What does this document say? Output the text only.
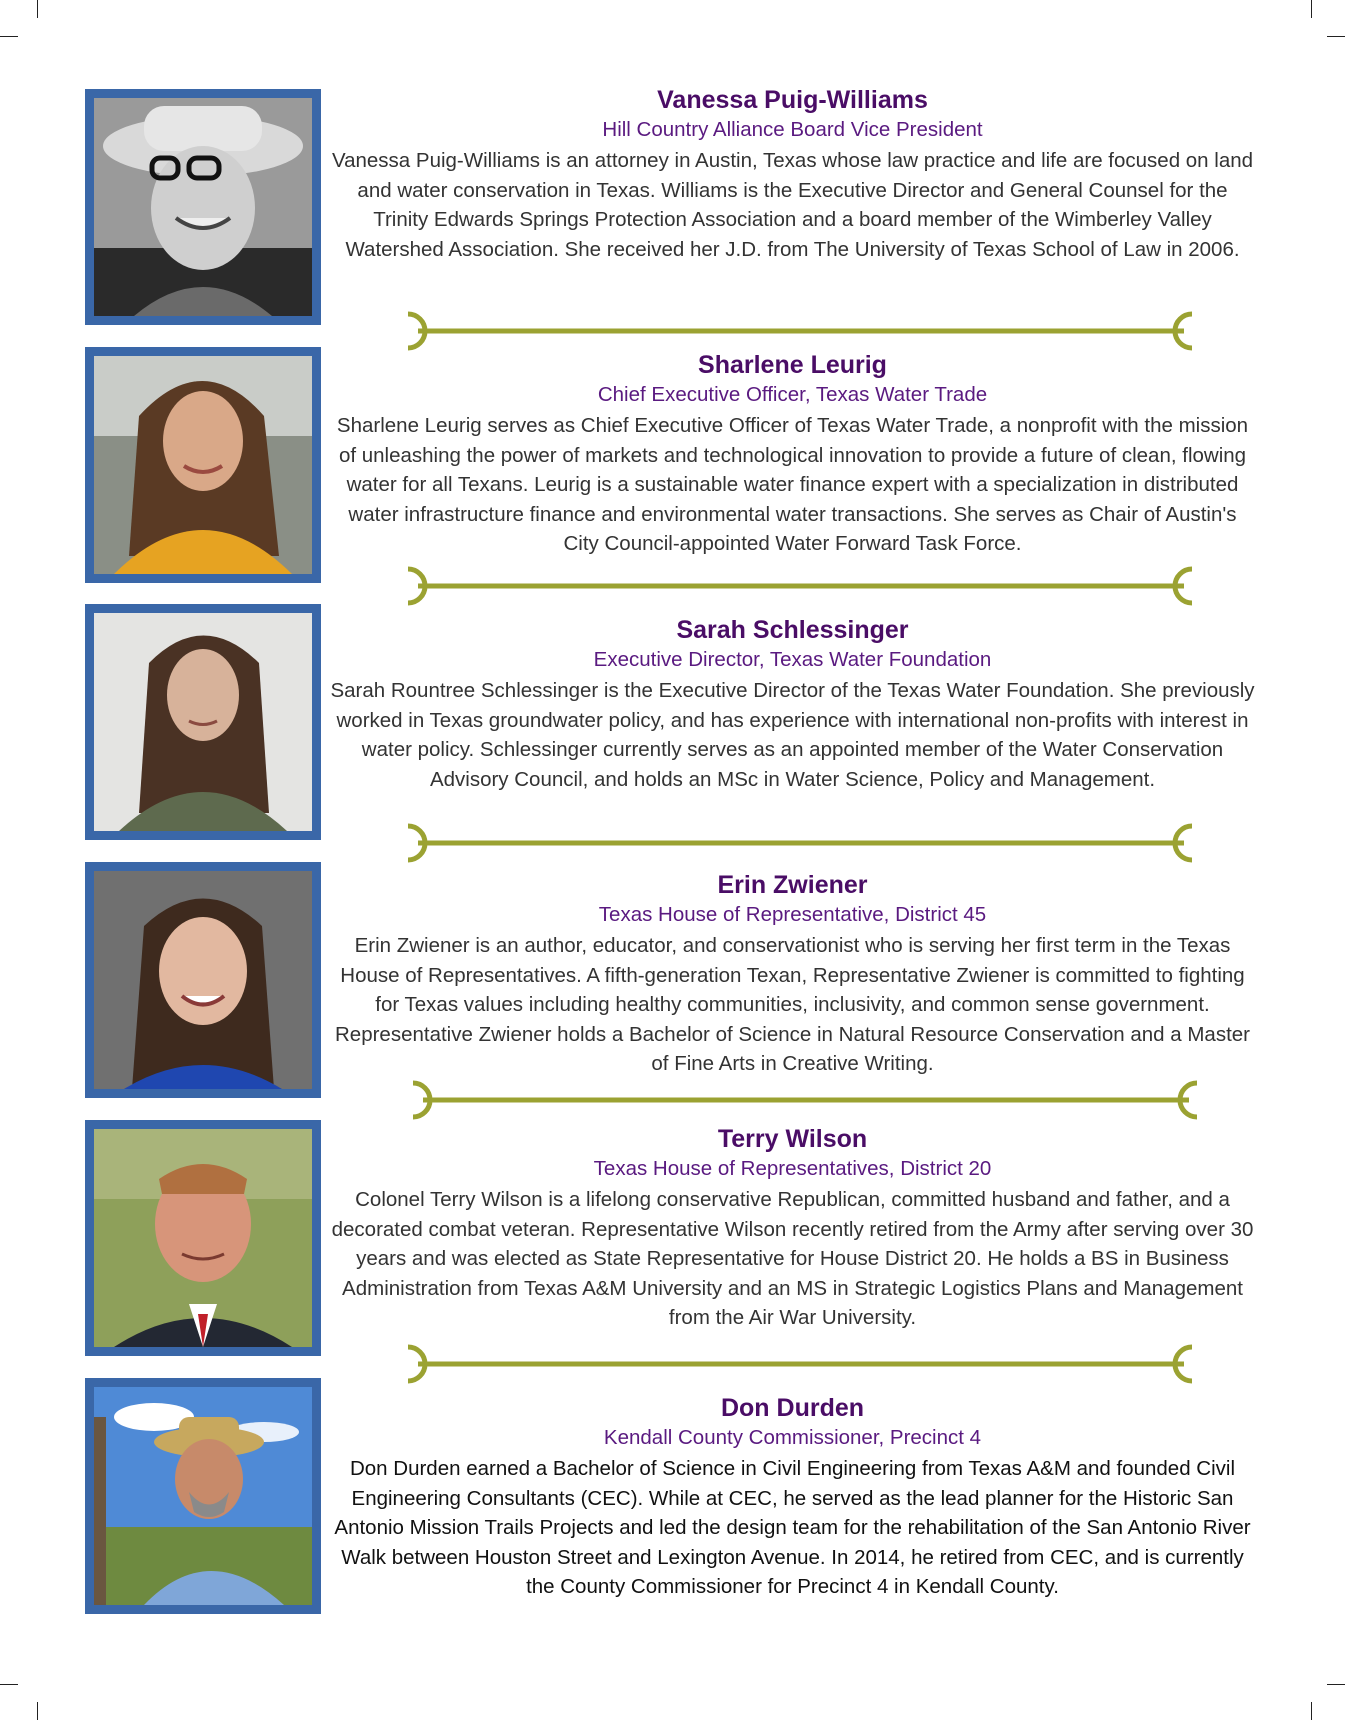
Vanessa Puig-Williams
Hill Country Alliance Board Vice President
Vanessa Puig-Williams is an attorney in Austin, Texas whose law practice and life are focused on land and water conservation in Texas. Williams is the Executive Director and General Counsel for the Trinity Edwards Springs Protection Association and a board member of the Wimberley Valley Watershed Association. She received her J.D. from The University of Texas School of Law in 2006.
Sharlene Leurig
Chief Executive Officer, Texas Water Trade
Sharlene Leurig serves as Chief Executive Officer of Texas Water Trade, a nonprofit with the mission of unleashing the power of markets and technological innovation to provide a future of clean, flowing water for all Texans. Leurig is a sustainable water finance expert with a specialization in distributed water infrastructure finance and environmental water transactions. She serves as Chair of Austin's City Council-appointed Water Forward Task Force.
Sarah Schlessinger
Executive Director, Texas Water Foundation
Sarah Rountree Schlessinger is the Executive Director of the Texas Water Foundation. She previously worked in Texas groundwater policy, and has experience with international non-profits with interest in water policy. Schlessinger currently serves as an appointed member of the Water Conservation Advisory Council, and holds an MSc in Water Science, Policy and Management.
Erin Zwiener
Texas House of Representative, District 45
Erin Zwiener is an author, educator, and conservationist who is serving her first term in the Texas House of Representatives. A fifth-generation Texan, Representative Zwiener is committed to fighting for Texas values including healthy communities, inclusivity, and common sense government. Representative Zwiener holds a Bachelor of Science in Natural Resource Conservation and a Master of Fine Arts in Creative Writing.
Terry Wilson
Texas House of Representatives, District 20
Colonel Terry Wilson is a lifelong conservative Republican, committed husband and father, and a decorated combat veteran. Representative Wilson recently retired from the Army after serving over 30 years and was elected as State Representative for House District 20. He holds a BS in Business Administration from Texas A&M University and an MS in Strategic Logistics Plans and Management from the Air War University.
Don Durden
Kendall County Commissioner, Precinct 4
Don Durden earned a Bachelor of Science in Civil Engineering from Texas A&M and founded Civil Engineering Consultants (CEC). While at CEC, he served as the lead planner for the Historic San Antonio Mission Trails Projects and led the design team for the rehabilitation of the San Antonio River Walk between Houston Street and Lexington Avenue. In 2014, he retired from CEC, and is currently the County Commissioner for Precinct 4 in Kendall County.
